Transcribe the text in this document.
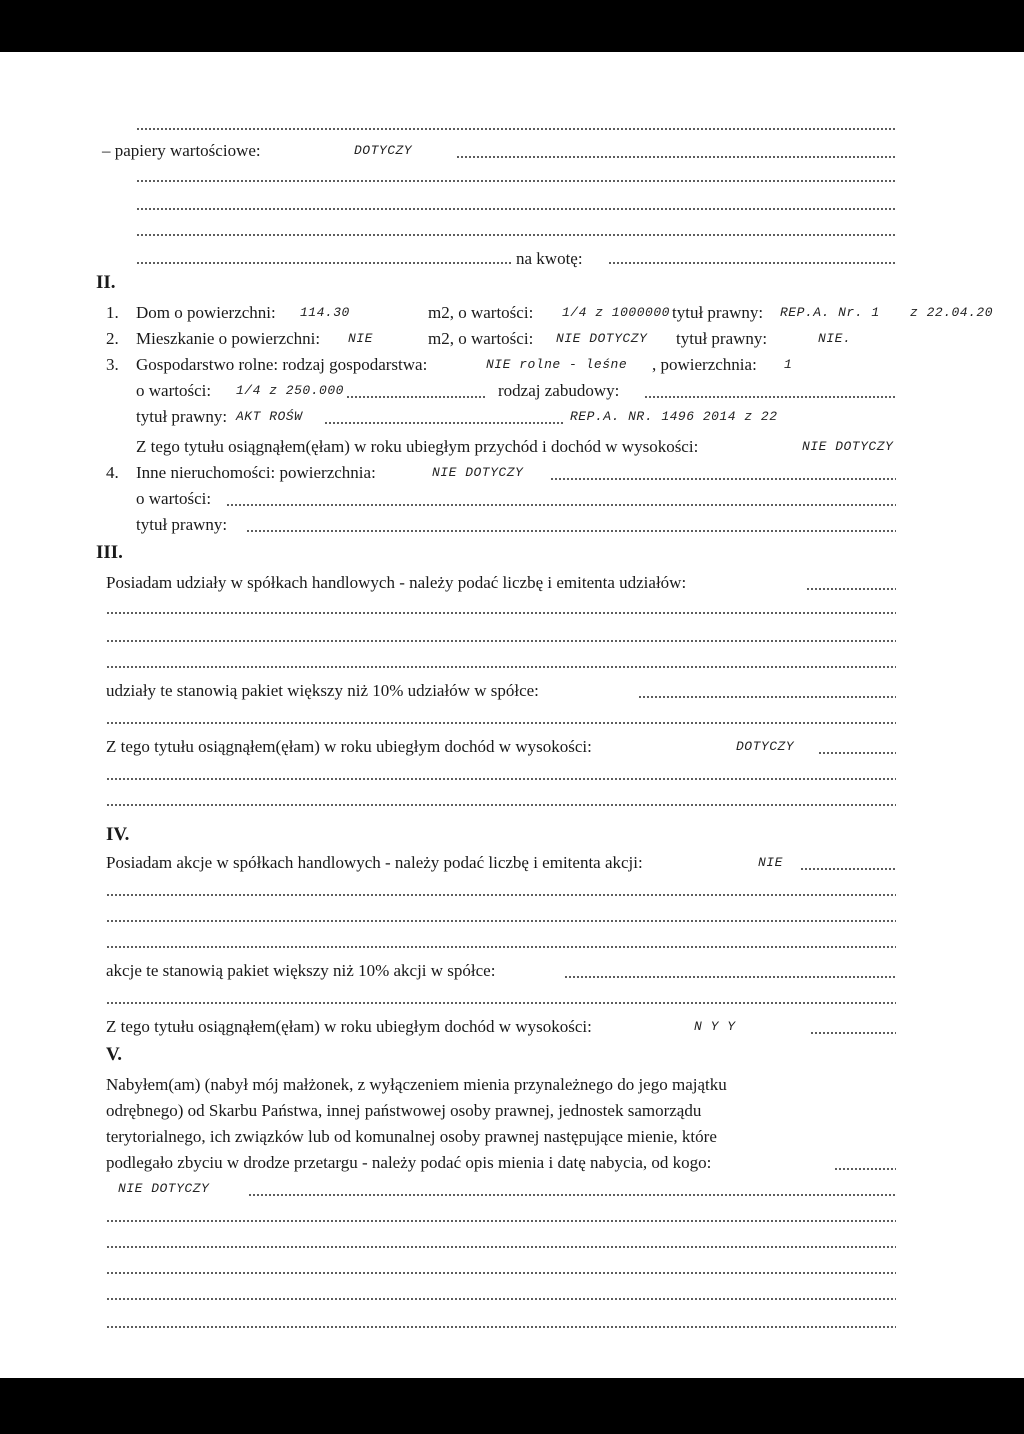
– papiery wartościowe:	DOTYCZY
na kwotę:
II.
1. Dom o powierzchni: 114.30	m2, o wartości: 1/4 z 1000000 tytuł prawny: REP.A. Nr. 1 z 22.04.20
2. Mieszkanie o powierzchni: NIE	m2, o wartości: NIE DOTYCZY tytuł prawny:	NIE.
3. Gospodarstwo rolne: rodzaj gospodarstwa:	NIE rolne - leśne , powierzchnia: 1
o wartości: 1/4 z 250.000	rodzaj zabudowy:
tytuł prawny: AKT ROŚW	REP.A. NR. 1496 2014 z 22
Z tego tytułu osiągnąłem(ęłam) w roku ubiegłym przychód i dochód w wysokości:	NIE DOTYCZY
4. Inne nieruchomości: powierzchnia:	NIE DOTYCZY
o wartości:
tytuł prawny:
III.
Posiadam udziały w spółkach handlowych - należy podać liczbę i emitenta udziałów:
udziały te stanowią pakiet większy niż 10% udziałów w spółce:
Z tego tytułu osiągnąłem(ęłam) w roku ubiegłym dochód w wysokości:	DOTYCZY
IV.
Posiadam akcje w spółkach handlowych - należy podać liczbę i emitenta akcji:	NIE
akcje te stanowią pakiet większy niż 10% akcji w spółce:
Z tego tytułu osiągnąłem(ęłam) w roku ubiegłym dochód w wysokości:	N Y Y
V.
Nabyłem(am) (nabył mój małżonek, z wyłączeniem mienia przynależnego do jego majątku
odrębnego) od Skarbu Państwa, innej państwowej osoby prawnej, jednostek samorządu
terytorialnego, ich związków lub od komunalnej osoby prawnej następujące mienie, które
podlegało zbyciu w drodze przetargu - należy podać opis mienia i datę nabycia, od kogo:
NIE DOTYCZY
